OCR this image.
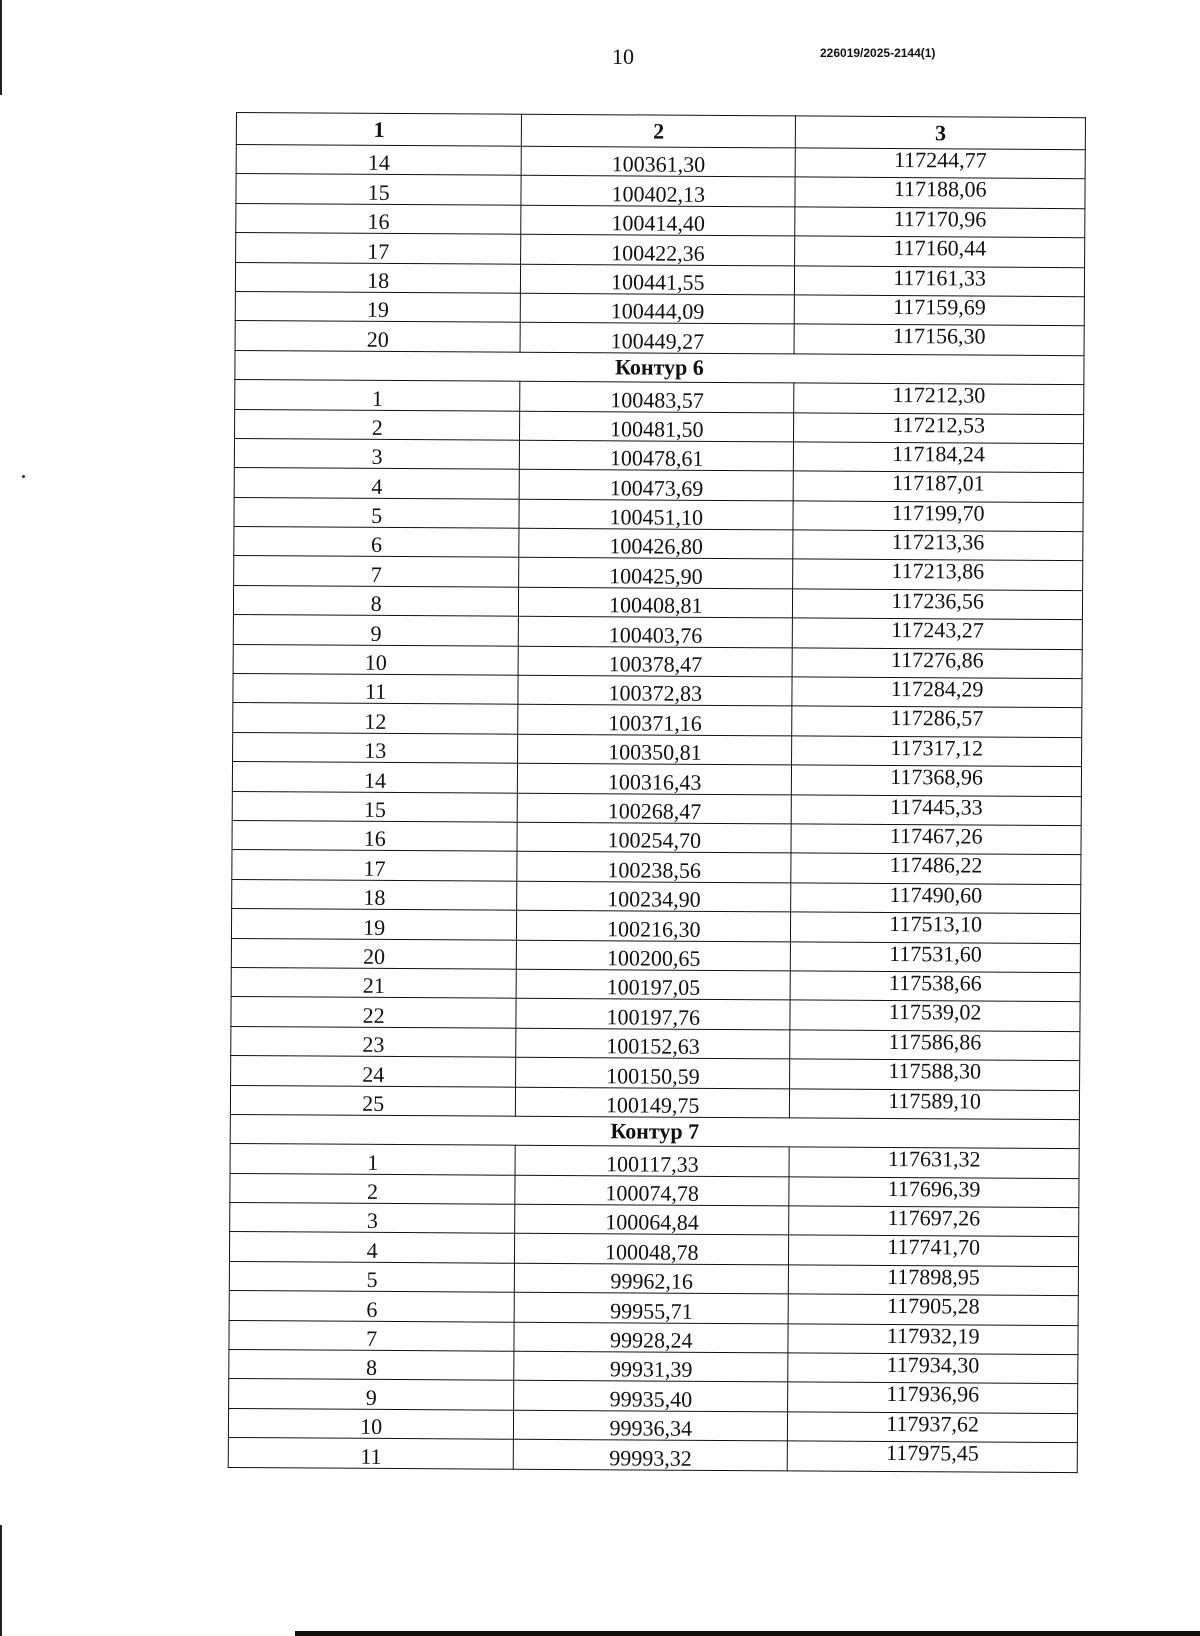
10	226019/2025-2144(1)
1	2	3
14	100361,30	117244,77
15	100402,13	117188,06
16	100414,40	117170,96
17	100422,36	117160,44
18	100441,55	117161,33
19	100444,09	117159,69
20	100449,27	117156,30
Контур 6		
1	100483,57	117212,30
2	100481,50	117212,53
3	100478,61	117184,24
4	100473,69	117187,01
5	100451,10	117199,70
6	100426,80	117213,36
7	100425,90	117213,86
8	100408,81	117236,56
9	100403,76	117243,27
10	100378,47	117276,86
11	100372,83	117284,29
12	100371,16	117286,57
13	100350,81	117317,12
14	100316,43	117368,96
15	100268,47	117445,33
16	100254,70	117467,26
17	100238,56	117486,22
18	100234,90	117490,60
19	100216,30	117513,10
20	100200,65	117531,60
21	100197,05	117538,66
22	100197,76	117539,02
23	100152,63	117586,86
24	100150,59	117588,30
25	100149,75	117589,10
Контур 7		
1	100117,33	117631,32
2	100074,78	117696,39
3	100064,84	117697,26
4	100048,78	117741,70
5	99962,16	117898,95
6	99955,71	117905,28
7	99928,24	117932,19
8	99931,39	117934,30
9	99935,40	117936,96
10	99936,34	117937,62
11	99993,32	117975,45
